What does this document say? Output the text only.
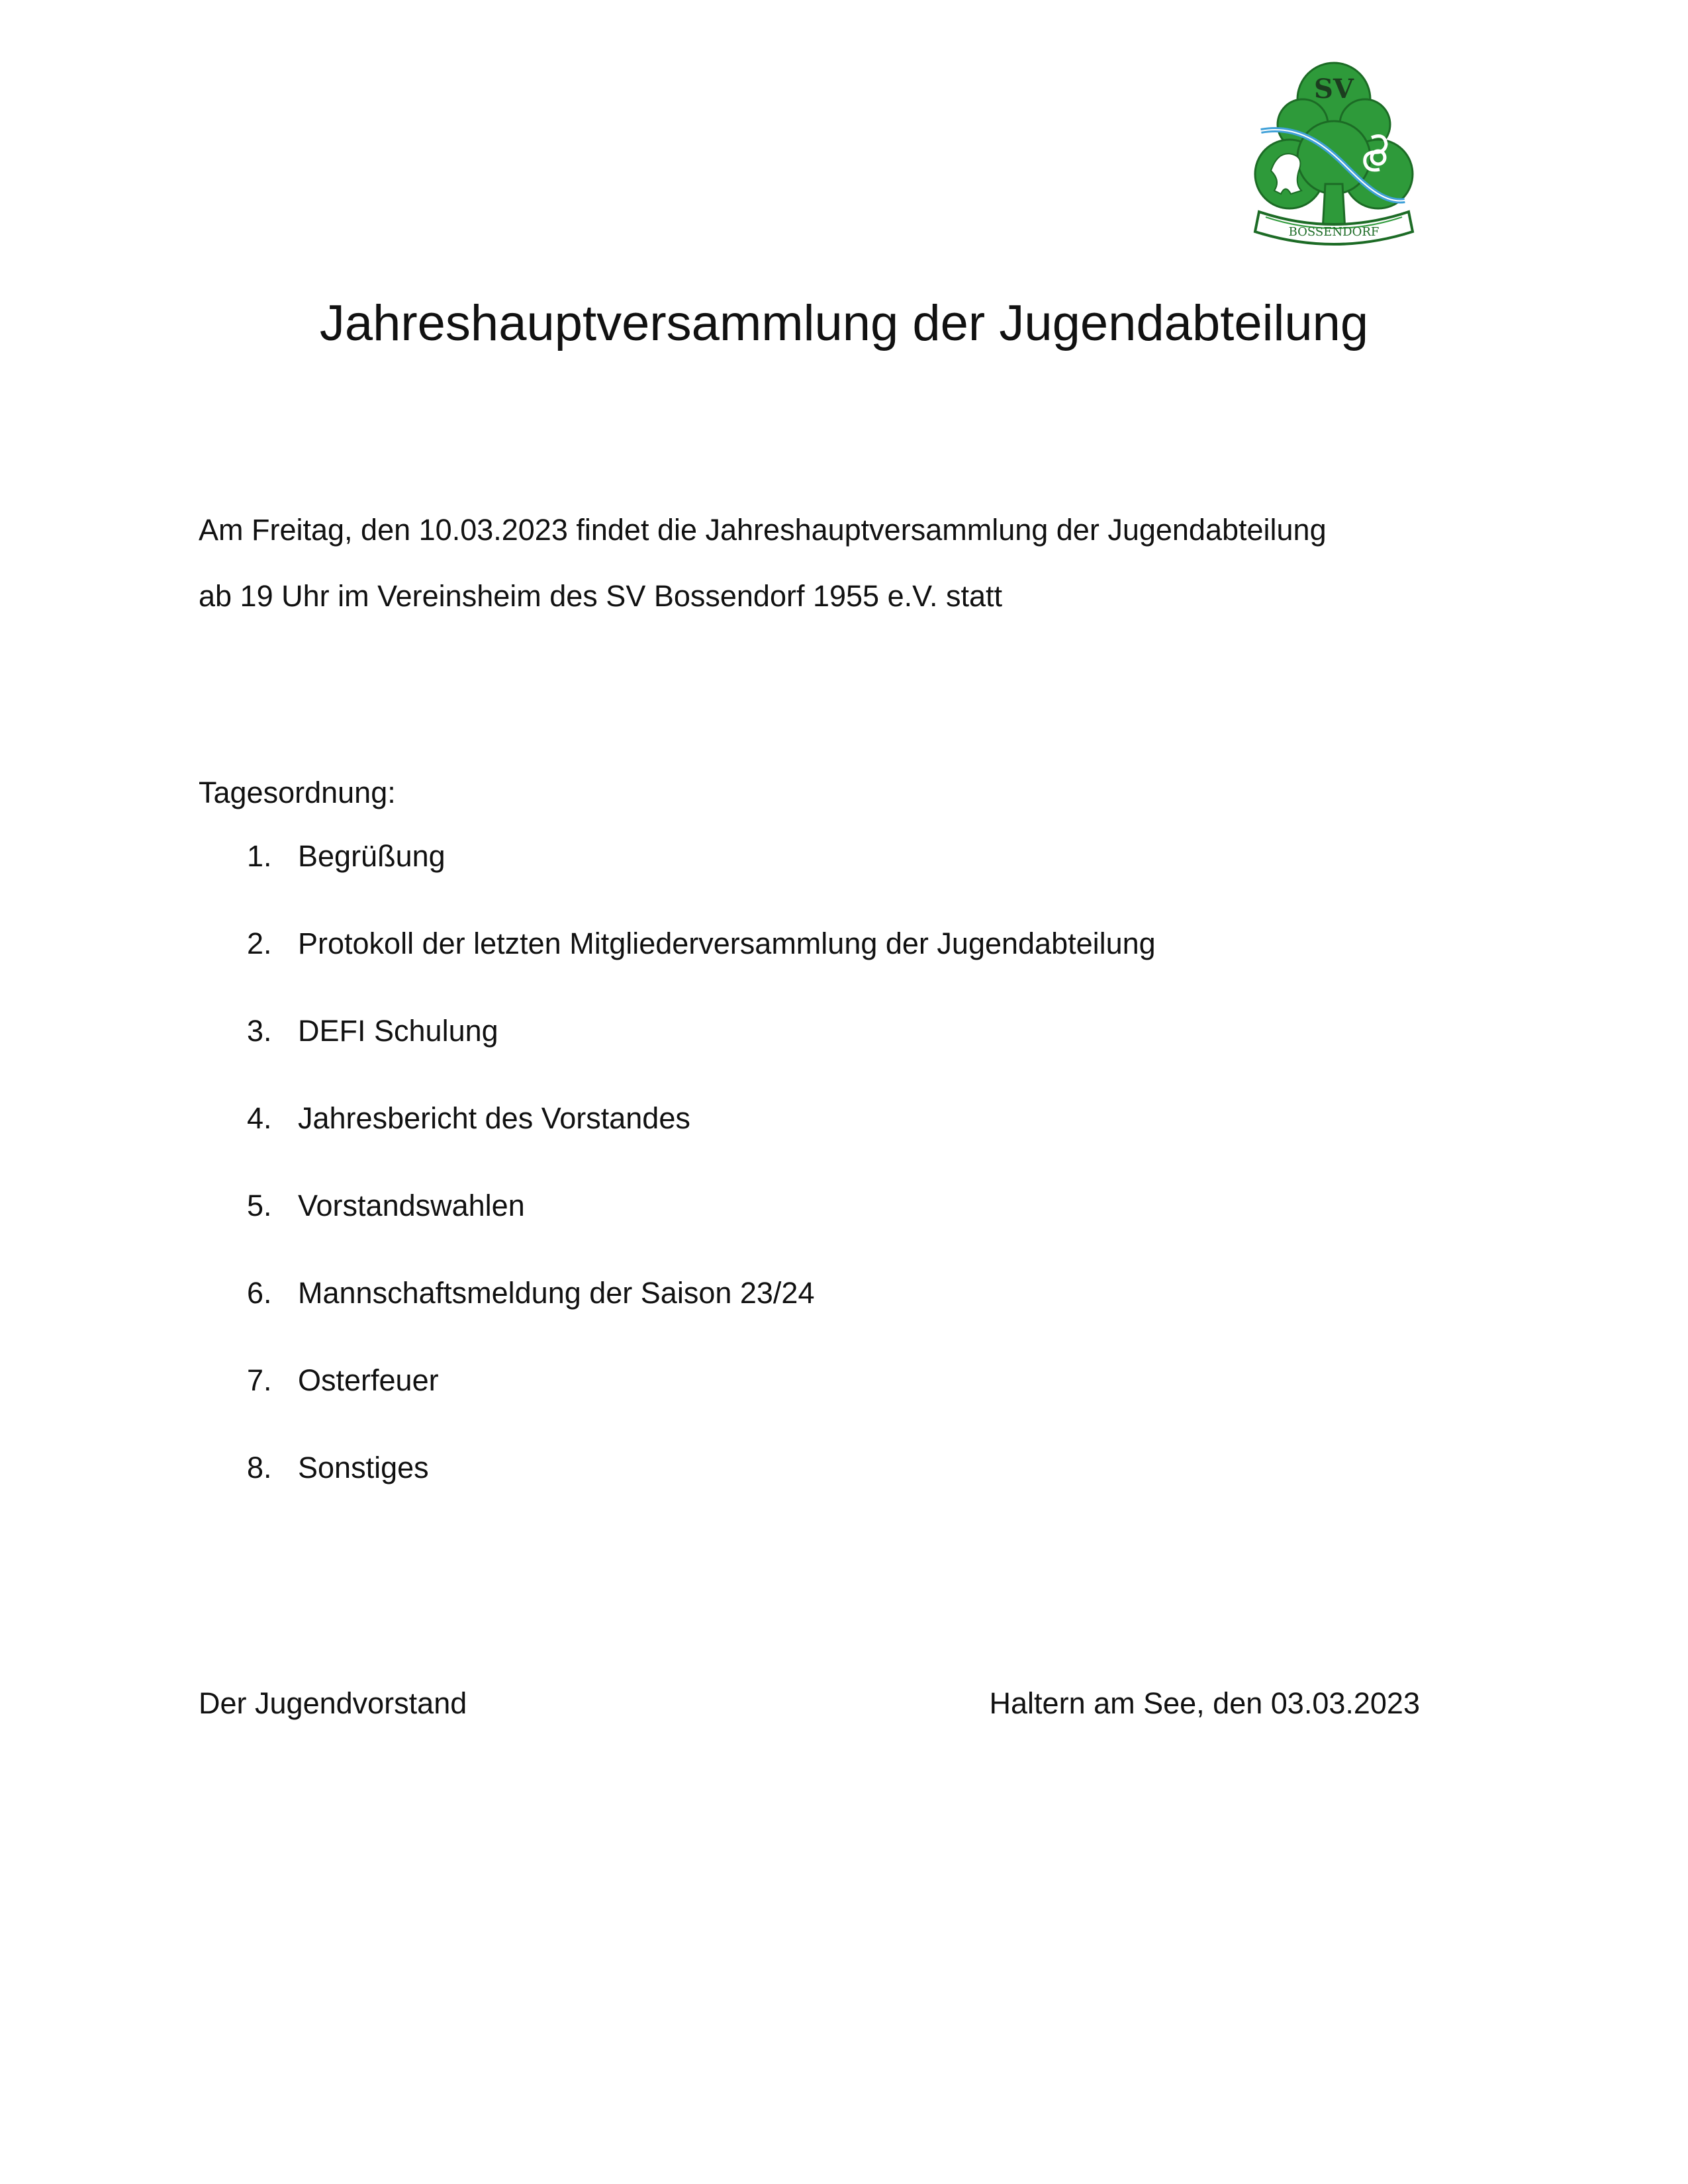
SV
BOSSENDORF
Jahreshauptversammlung der Jugendabteilung

Am Freitag, den 10.03.2023 findet die Jahreshauptversammlung der Jugendabteilung

ab 19 Uhr im Vereinsheim des SV Bossendorf 1955 e.V. statt

Tagesordnung:

1. Begrüßung
2. Protokoll der letzten Mitgliederversammlung der Jugendabteilung
3. DEFI Schulung
4. Jahresbericht des Vorstandes
5. Vorstandswahlen
6. Mannschaftsmeldung der Saison 23/24
7. Osterfeuer
8. Sonstiges

Der Jugendvorstand	Haltern am See, den 03.03.2023
